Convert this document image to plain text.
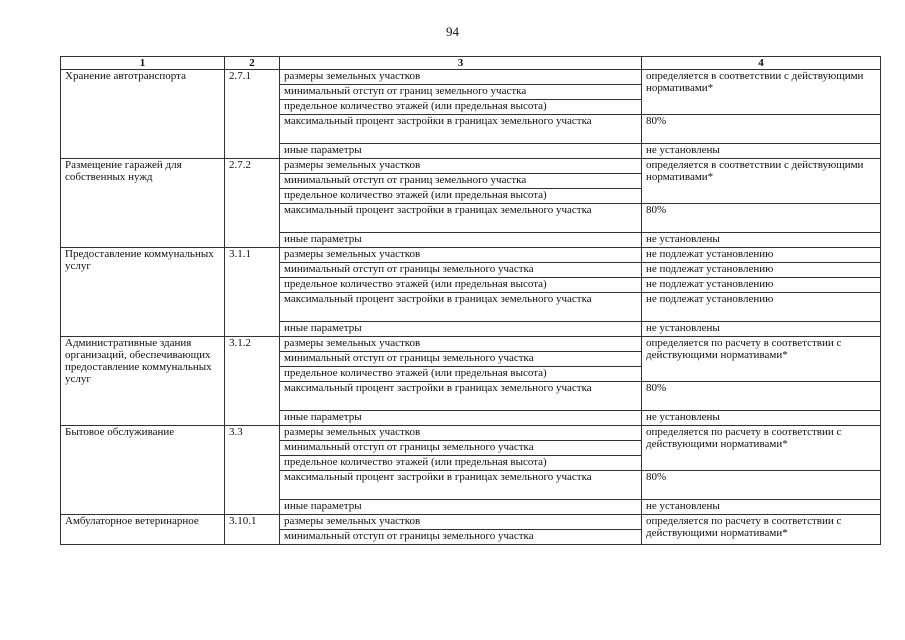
94
1	2	3	4
Хранение автотранспорта	2.7.1	размеры земельных участков	определяется в соответствии с действующими нормативами*
		минимальный отступ от границ земельного участка	
		предельное количество этажей (или предельная высота)	
		максимальный процент застройки в границах земельного участка	80%
		иные параметры	не установлены
Размещение гаражей для собственных нужд	2.7.2	размеры земельных участков	определяется в соответствии с действующими нормативами*
		минимальный отступ от границ земельного участка	
		предельное количество этажей (или предельная высота)	
		максимальный процент застройки в границах земельного участка	80%
		иные параметры	не установлены
Предоставление коммунальных услуг	3.1.1	размеры земельных участков	не подлежат установлению
		минимальный отступ от границы земельного участка	не подлежат установлению
		предельное количество этажей (или предельная высота)	не подлежат установлению
		максимальный процент застройки в границах земельного участка	не подлежат установлению
		иные параметры	не установлены
Административные здания организаций, обеспечивающих предоставление коммунальных услуг	3.1.2	размеры земельных участков	определяется по расчету в соответствии с действующими нормативами*
		минимальный отступ от границы земельного участка	
		предельное количество этажей (или предельная высота)	
		максимальный процент застройки в границах земельного участка	80%
		иные параметры	не установлены
Бытовое обслуживание	3.3	размеры земельных участков	определяется по расчету в соответствии с действующими нормативами*
		минимальный отступ от границы земельного участка	
		предельное количество этажей (или предельная высота)	
		максимальный процент застройки в границах земельного участка	80%
		иные параметры	не установлены
Амбулаторное ветеринарное	3.10.1	размеры земельных участков	определяется по расчету в соответствии с действующими нормативами*
		минимальный отступ от границы земельного участка	
